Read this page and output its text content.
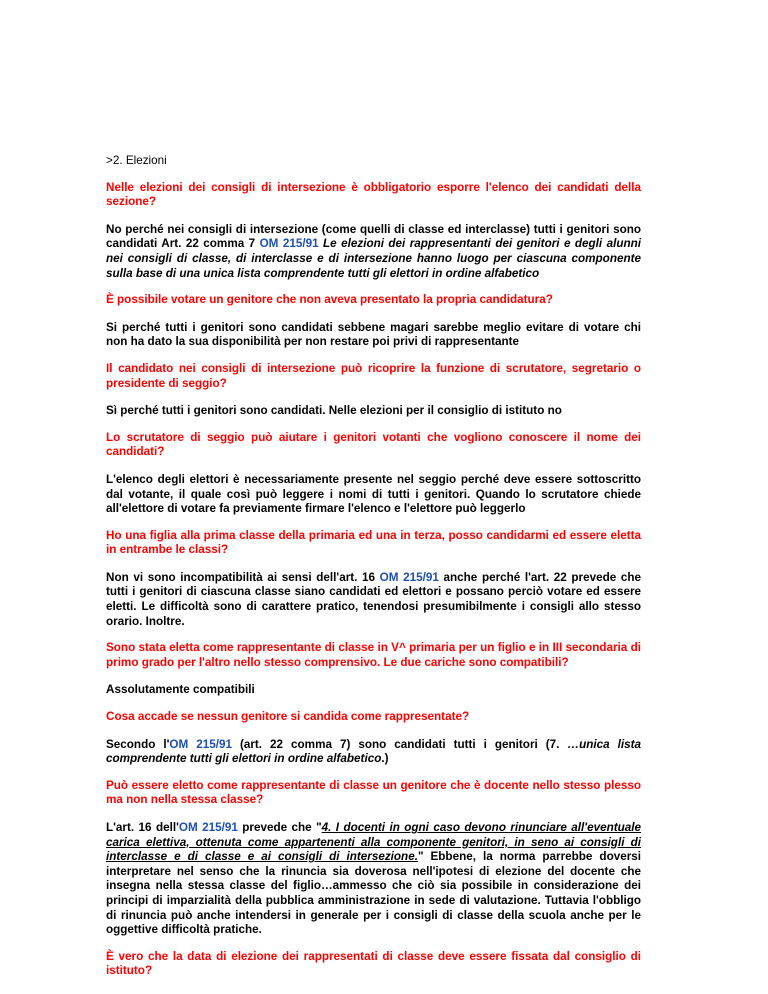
>2. Elezioni

Nelle elezioni dei consigli di intersezione è obbligatorio esporre l'elenco dei candidati della sezione?

No perché nei consigli di intersezione (come quelli di classe ed interclasse) tutti i genitori sono candidati Art. 22 comma 7 OM 215/91 Le elezioni dei rappresentanti dei genitori e degli alunni nei consigli di classe, di interclasse e di intersezione hanno luogo per ciascuna componente sulla base di una unica lista comprendente tutti gli elettori in ordine alfabetico

È possibile votare un genitore che non aveva presentato la propria candidatura?

Si perché tutti i genitori sono candidati sebbene magari sarebbe meglio evitare di votare chi non ha dato la sua disponibilità per non restare poi privi di rappresentante

Il candidato nei consigli di intersezione può ricoprire la funzione di scrutatore, segretario o presidente di seggio?

Sì perché tutti i genitori sono candidati. Nelle elezioni per il consiglio di istituto no

Lo scrutatore di seggio può aiutare i genitori votanti che vogliono conoscere il nome dei candidati?

L'elenco degli elettori è necessariamente presente nel seggio perché deve essere sottoscritto dal votante, il quale così può leggere i nomi di tutti i genitori. Quando lo scrutatore chiede all'elettore di votare fa previamente firmare l'elenco e l'elettore può leggerlo

Ho una figlia alla prima classe della primaria ed una in terza, posso candidarmi ed essere eletta in entrambe le classi?

Non vi sono incompatibilità ai sensi dell'art. 16 OM 215/91 anche perché l'art. 22 prevede che tutti i genitori di ciascuna classe siano candidati ed elettori e possano perciò votare ed essere eletti. Le difficoltà sono di carattere pratico, tenendosi presumibilmente i consigli allo stesso orario. Inoltre.

Sono stata eletta come rappresentante di classe in V^ primaria per un figlio e in III secondaria di primo grado per l'altro nello stesso comprensivo. Le due cariche sono compatibili?

Assolutamente compatibili

Cosa accade se nessun genitore si candida come rappresentate?

Secondo l'OM 215/91 (art. 22 comma 7) sono candidati tutti i genitori (7. …unica lista comprendente tutti gli elettori in ordine alfabetico.)

Può essere eletto come rappresentante di classe un genitore che è docente nello stesso plesso ma non nella stessa classe?

L'art. 16 dell'OM 215/91 prevede che "4. I docenti in ogni caso devono rinunciare all'eventuale carica elettiva, ottenuta come appartenenti alla componente genitori, in seno ai consigli di interclasse e di classe e ai consigli di intersezione." Ebbene, la norma parrebbe doversi interpretare nel senso che la rinuncia sia doverosa nell'ipotesi di elezione del docente che insegna nella stessa classe del figlio…ammesso che ciò sia possibile in considerazione dei principi di imparzialità della pubblica amministrazione in sede di valutazione. Tuttavia l'obbligo di rinuncia può anche intendersi in generale per i consigli di classe della scuola anche per le oggettive difficoltà pratiche.

È vero che la data di elezione dei rappresentati di classe deve essere fissata dal consiglio di istituto?
